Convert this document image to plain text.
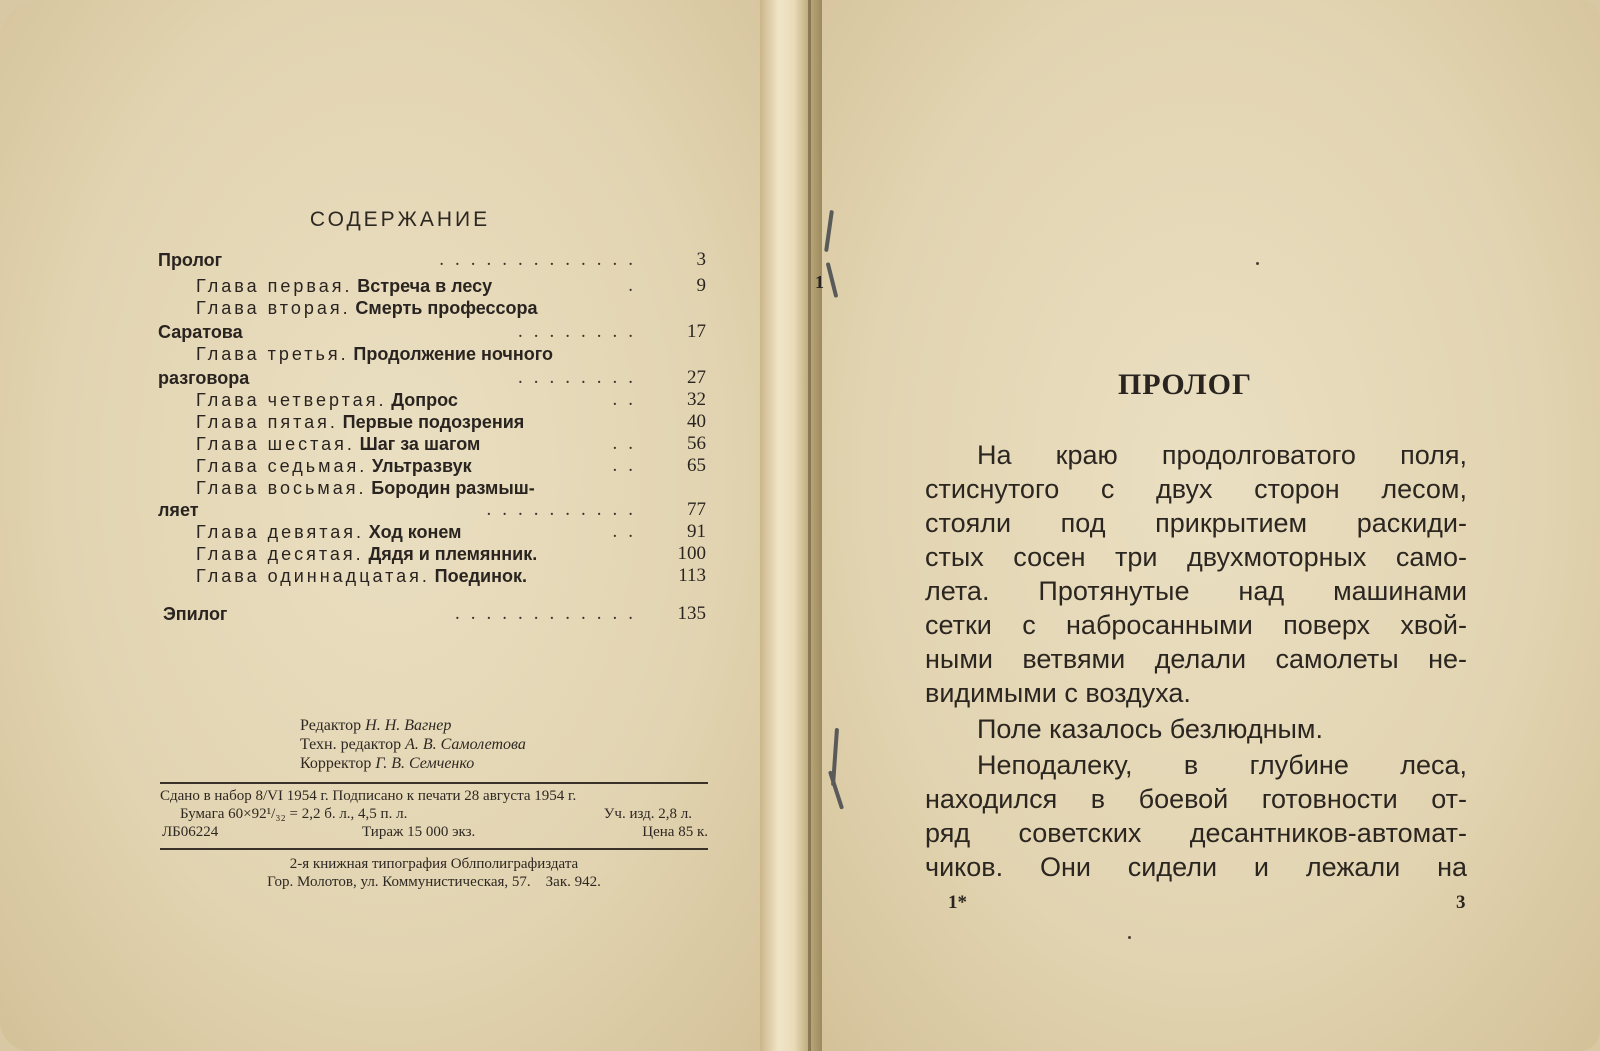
1
СОДЕРЖАНИЕ
Пролог	.............	3
Глава первая. Встреча в лесу	.	9
Глава вторая. Смерть профессора
Саратова	........	17
Глава третья. Продолжение ночного
разговора	........	27
Глава четвертая. Допрос	..	32
Глава пятая. Первые подозрения	40
Глава шестая. Шаг за шагом	..	56
Глава седьмая. Ультразвук	..	65
Глава восьмая. Бородин размыш-
ляет	..........	77
Глава девятая. Ход конем	..	91
Глава десятая. Дядя и племянник.	100
Глава одиннадцатая. Поединок.	113
Эпилог	............	135
Редактор Н. Н. Вагнер
Техн. редактор А. В. Самолетова
Корректор Г. В. Семченко
Сдано в набор 8/VI 1954 г. Подписано к печати 28 августа 1954 г.
Бумага 60×92¹/₃₂ = 2,2 б. л., 4,5 п. л.	Уч. изд. 2,8 л.
ЛБ06224	Тираж 15 000 экз.	Цена 85 к.
2-я книжная типография Облполиграфиздата
Гор. Молотов, ул. Коммунистическая, 57.    Зак. 942.
ПРОЛОГ
На краю продолговатого поля,
стиснутого с двух сторон лесом,
стояли под прикрытием раскиди-
стых сосен три двухмоторных само-
лета. Протянутые над машинами
сетки с набросанными поверх хвой-
ными ветвями делали самолеты не-
видимыми с воздуха.
Поле казалось безлюдным.
Неподалеку, в глубине леса,
находился в боевой готовности от-
ряд советских десантников-автомат-
чиков. Они сидели и лежали на
1*	3
